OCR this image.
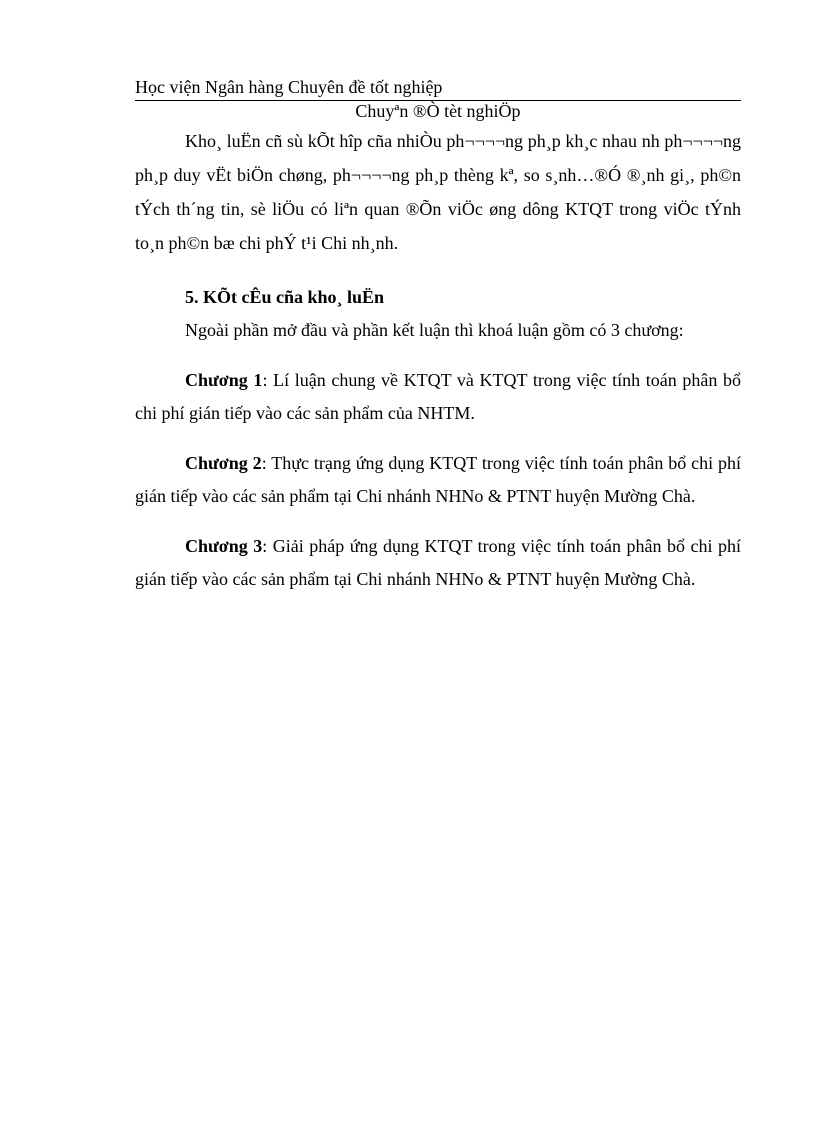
Học viện Ngân hàng Chuyên đề tốt nghiệp
Chuyªn ®Ò tèt nghiÖp

Kho¸ luËn cñ sù kÕt hîp cña nhiÒu ph¬¬¬¬ng ph¸p kh¸c nhau nh ph¬¬¬¬ng ph¸p duy vËt biÖn chøng, ph¬¬¬¬ng ph¸p thèng kª, so s¸nh…®Ó ®¸nh gi¸, ph©n tÝch th´ng tin, sè liÖu có liªn quan ®Õn viÖc øng dông KTQT trong viÖc tÝnh to¸n ph©n bæ chi phÝ t¹i Chi nh¸nh.

5. KÕt cÊu cña kho¸ luËn

Ngoài phần mở đầu và phần kết luận thì khoá luận gồm có 3 chương:

Chương 1: Lí luận chung về KTQT và KTQT trong việc tính toán phân bổ chi phí gián tiếp vào các sản phẩm của NHTM.

Chương 2: Thực trạng ứng dụng KTQT trong việc tính toán phân bổ chi phí gián tiếp vào các sản phẩm tại Chi nhánh NHNo & PTNT huyện Mường Chà.

Chương 3: Giải pháp ứng dụng KTQT trong việc tính toán phân bổ chi phí gián tiếp vào các sản phẩm tại Chi nhánh NHNo & PTNT huyện Mường Chà.
